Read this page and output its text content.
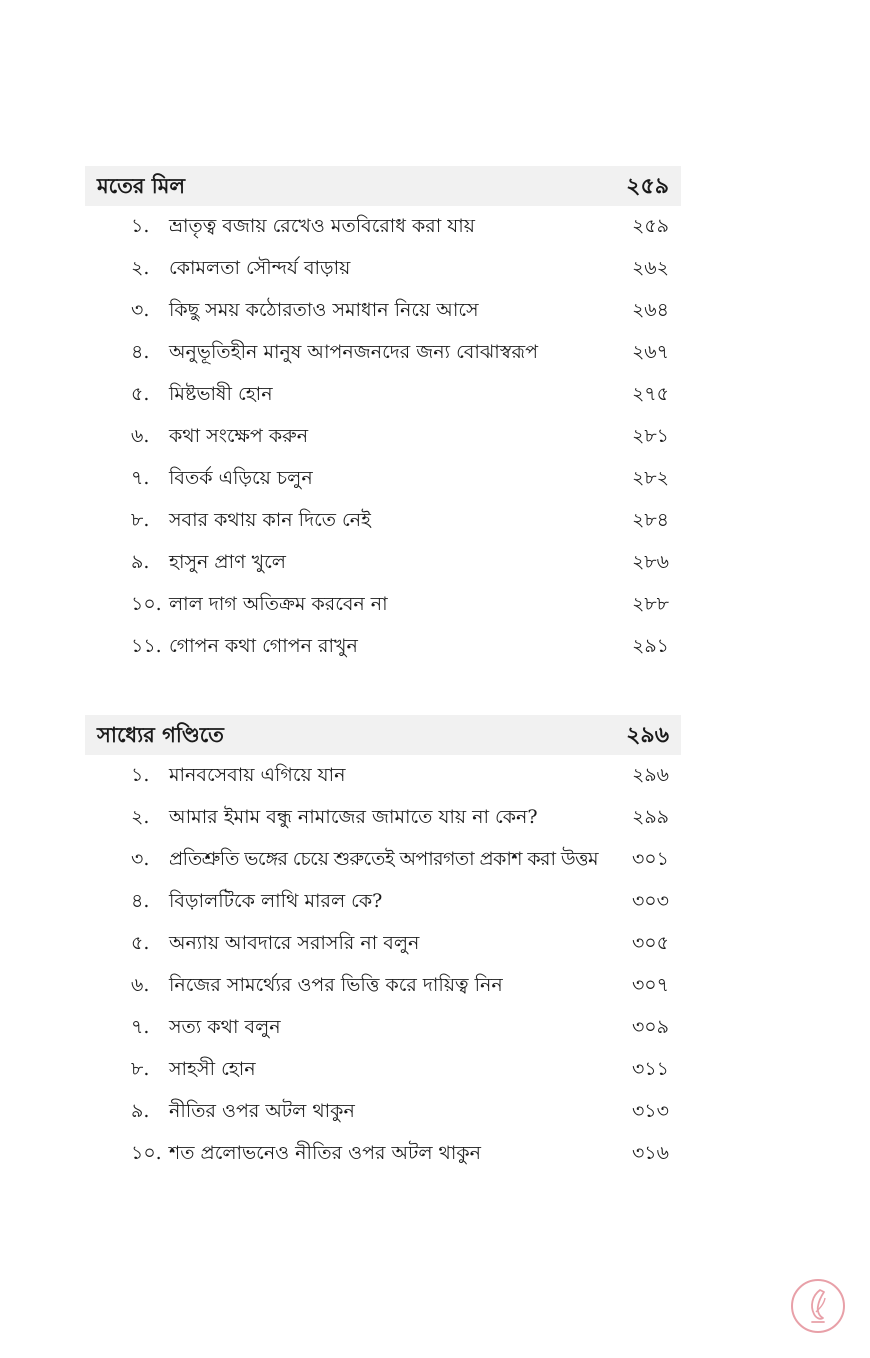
মতের মিল	২৫৯
১. ভ্রাতৃত্ব বজায় রেখেও মতবিরোধ করা যায়	২৫৯
২. কোমলতা সৌন্দর্য বাড়ায়	২৬২
৩. কিছু সময় কঠোরতাও সমাধান নিয়ে আসে	২৬৪
৪. অনুভূতিহীন মানুষ আপনজনদের জন্য বোঝাস্বরূপ	২৬৭
৫. মিষ্টভাষী হোন	২৭৫
৬. কথা সংক্ষেপ করুন	২৮১
৭. বিতর্ক এড়িয়ে চলুন	২৮২
৮. সবার কথায় কান দিতে নেই	২৮৪
৯. হাসুন প্রাণ খুলে	২৮৬
১০. লাল দাগ অতিক্রম করবেন না	২৮৮
১১. গোপন কথা গোপন রাখুন	২৯১
সাধ্যের গণ্ডিতে	২৯৬
১. মানবসেবায় এগিয়ে যান	২৯৬
২. আমার ইমাম বন্ধু নামাজের জামাতে যায় না কেন?	২৯৯
৩. প্রতিশ্রুতি ভঙ্গের চেয়ে শুরুতেই অপারগতা প্রকাশ করা উত্তম ৩০১
৪. বিড়ালটিকে লাথি মারল কে?	৩০৩
৫. অন্যায় আবদারে সরাসরি না বলুন	৩০৫
৬. নিজের সামর্থ্যের ওপর ভিত্তি করে দায়িত্ব নিন	৩০৭
৭. সত্য কথা বলুন	৩০৯
৮. সাহসী হোন	৩১১
৯. নীতির ওপর অটল থাকুন	৩১৩
১০. শত প্রলোভনেও নীতির ওপর অটল থাকুন	৩১৬
